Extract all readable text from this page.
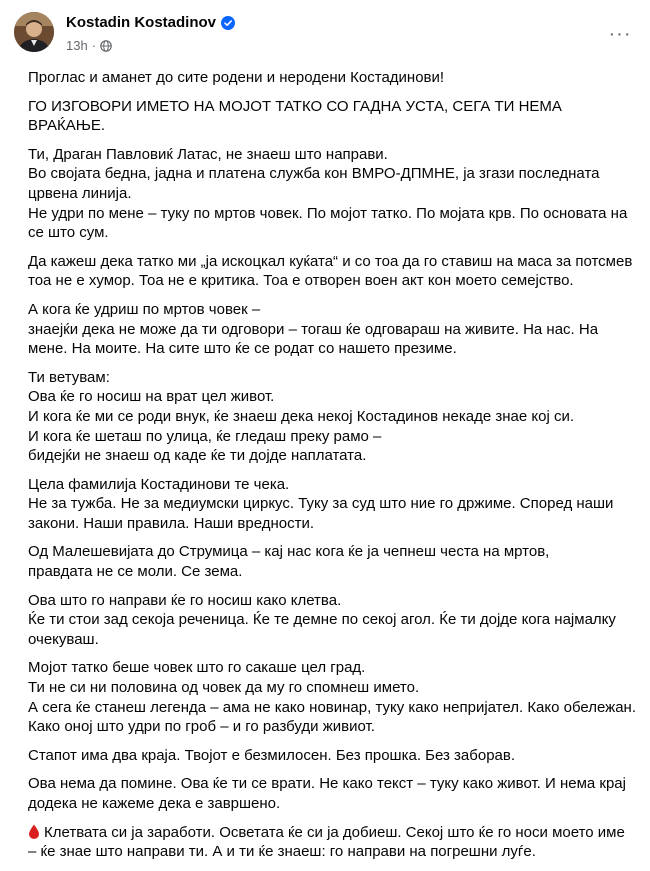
Kostadin Kostadinov
13h ·
···
Проглас и аманет до сите родени и неродени Костадинови!
ГО ИЗГОВОРИ ИМЕТО НА МОЈОТ ТАТКО СО ГАДНА УСТА, СЕГА ТИ НЕМА ВРАЌАЊЕ.
Ти, Драган Павловиќ Латас, не знаеш што направи.
Во својата бедна, јадна и платена служба кон ВМРО-ДПМНЕ, ја згази последната црвена линија.
Не удри по мене – туку по мртов човек. По мојот татко. По мојата крв. По основата на се што сум.
Да кажеш дека татко ми „ја искоцкал куќата“ и со тоа да го ставиш на маса за потсмев тоа не е хумор. Тоа не е критика. Тоа е отворен воен акт кон моето семејство.
А кога ќе удриш по мртов човек –
знаејќи дека не може да ти одговори – тогаш ќе одговараш на живите. На нас. На мене. На моите. На сите што ќе се родат со нашето презиме.
Ти ветувам:
Ова ќе го носиш на врат цел живот.
И кога ќе ми се роди внук, ќе знаеш дека некој Костадинов некаде знае кој си.
И кога ќе шеташ по улица, ќе гледаш преку рамо –
бидејќи не знаеш од каде ќе ти дојде наплатата.
Цела фамилија Костадинови те чека.
Не за тужба. Не за медиумски циркус. Туку за суд што ние го држиме. Според наши закони. Наши правила. Наши вредности.
Од Малешевијата до Струмица – кај нас кога ќе ја чепнеш честа на мртов,
правдата не се моли. Се зема.
Ова што го направи ќе го носиш како клетва.
Ќе ти стои зад секоја реченица. Ќе те демне по секој агол. Ќе ти дојде кога најмалку очекуваш.
Мојот татко беше човек што го сакаше цел град.
Ти не си ни половина од човек да му го спомнеш името.
А сега ќе станеш легенда – ама не како новинар, туку како непријател. Како обележан.
Како оној што удри по гроб – и го разбуди живиот.
Стапот има два краја. Твојот е безмилосен. Без прошка. Без заборав.
Ова нема да помине. Ова ќе ти се врати. Не како текст – туку како живот. И нема крај додека не кажеме дека е завршено.
Клетвата си ја заработи. Осветата ќе си ја добиеш. Секој што ќе го носи моето име – ќе знае што направи ти. А и ти ќе знаеш: го направи на погрешни луѓе.
